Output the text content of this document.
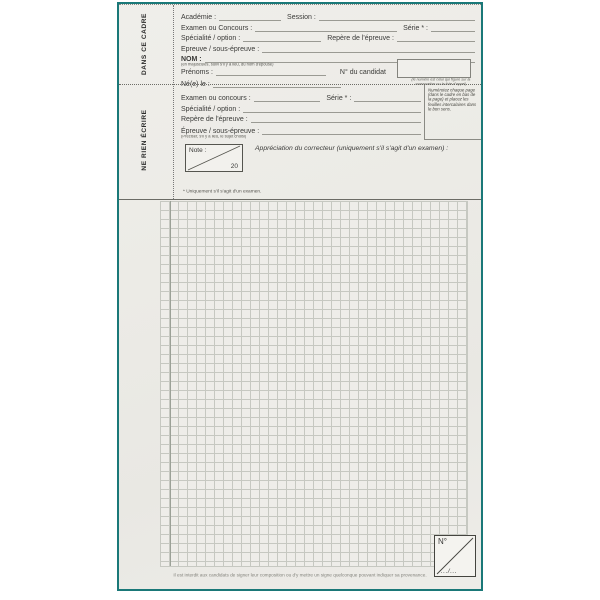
DANS CE CADRE
NE RIEN ÉCRIRE
Académie :	Session :
Examen ou Concours :	Série * :
Spécialité / option :	Repère de l'épreuve :
Epreuve / sous-épreuve :
NOM :
(en majuscules, suivi s'il y a lieu, du nom d'épouse)
Prénoms :	N° du candidat
Né(e) le :
(le numéro est celui qui figure sur la convocation ou la liste d'appel)
Examen ou concours :	Série * :
Spécialité / option :
Repère de l'épreuve :
Épreuve / sous-épreuve :
(Préciser, s'il y a lieu, le sujet choisi)
Numérotez chaque page (dans le cadre en bas de la page) et placez les feuilles intercalaires dans le bon sens.
Note :
20
Appréciation du correcteur (uniquement s'il s'agit d'un examen) :
* Uniquement s'il s'agit d'un examen.
N°
.../...
Il est interdit aux candidats de signer leur composition ou d'y mettre un signe quelconque pouvant indiquer sa provenance.
